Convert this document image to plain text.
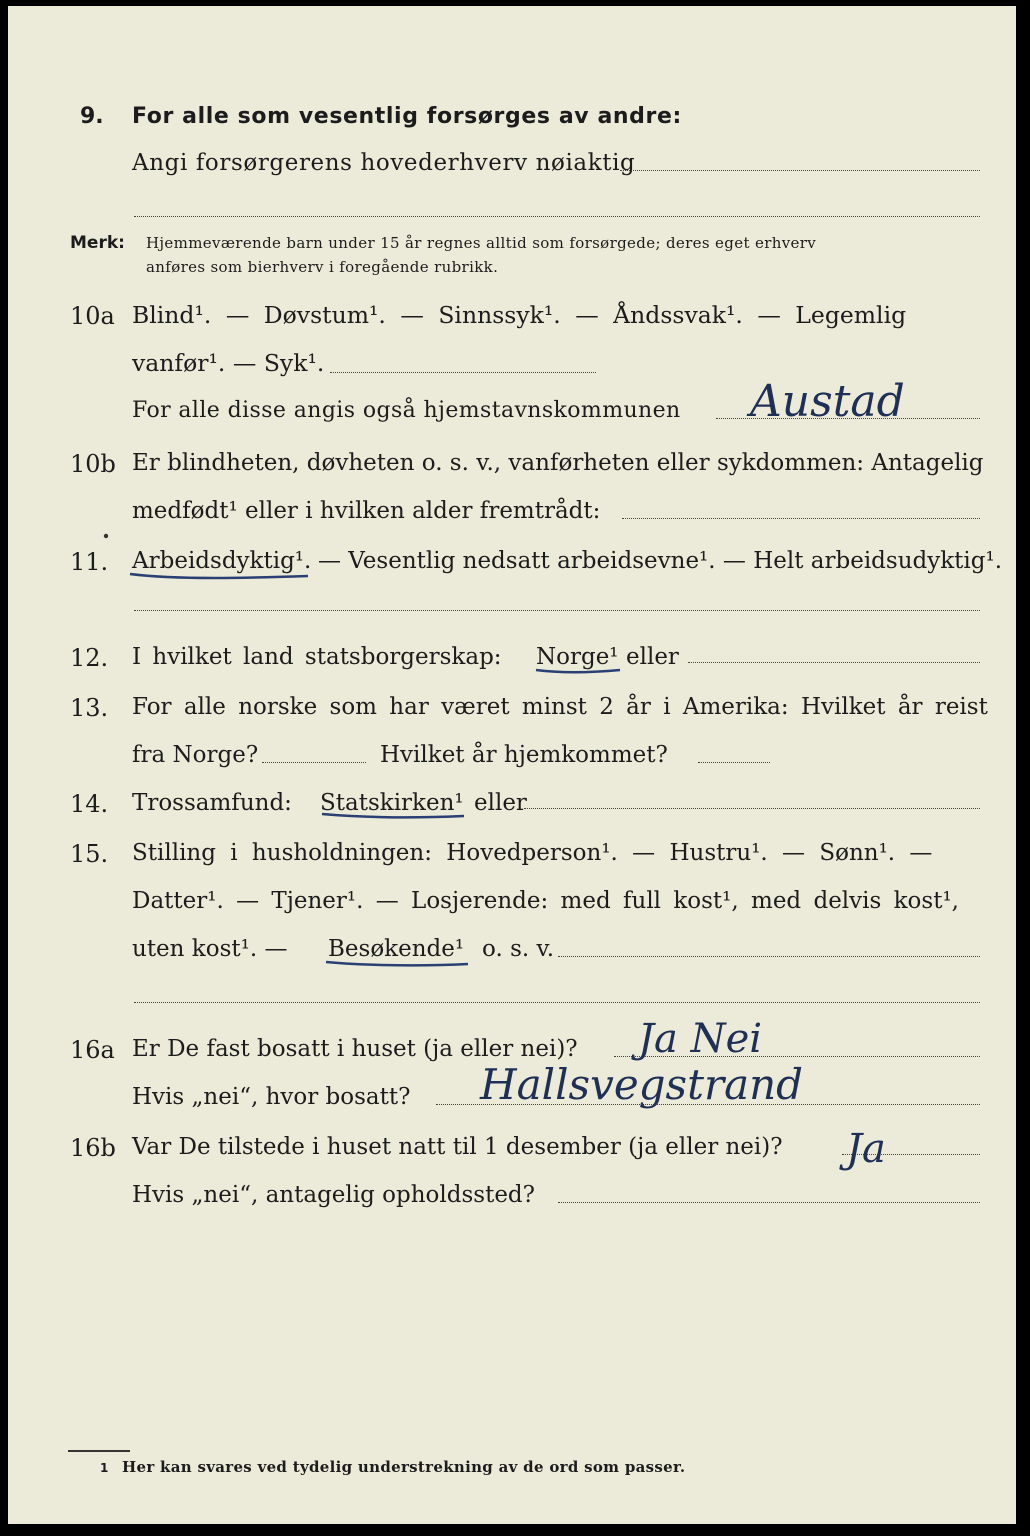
9. For alle som vesentlig forsørges av andre:
Angi forsørgerens hovederhverv nøiaktig
Merk: Hjemmeværende barn under 15 år regnes alltid som forsørgede; deres eget erhverv
anføres som bierhverv i foregående rubrikk.
10a Blind¹. — Døvstum¹. — Sinnssyk¹. — Åndssvak¹. — Legemlig
vanfør¹. — Syk¹.
For alle disse angis også hjemstavnskommunen Austad
10b Er blindheten, døvheten o. s. v., vanførheten eller sykdommen: Antagelig
medfødt¹ eller i hvilken alder fremtrådt:
11. Arbeidsdyktig¹. — Vesentlig nedsatt arbeidsevne¹. — Helt arbeidsudyktig¹.
12. I hvilket land statsborgerskap: Norge¹ eller
13. For alle norske som har været minst 2 år i Amerika: Hvilket år reist
fra Norge?	Hvilket år hjemkommet?
14. Trossamfund: Statskirken¹ eller
15. Stilling i husholdningen: Hovedperson¹. — Hustru¹. — Sønn¹. —
Datter¹. — Tjener¹. — Losjerende: med full kost¹, med delvis kost¹,
uten kost¹. — Besøkende¹ o. s. v.
16a Er De fast bosatt i huset (ja eller nei)? Ja Nei
Hvis „nei“, hvor bosatt? Hallsvegstrand
16b Var De tilstede i huset natt til 1 desember (ja eller nei)? Ja
Hvis „nei“, antagelig opholdssted?
1 Her kan svares ved tydelig understrekning av de ord som passer.
